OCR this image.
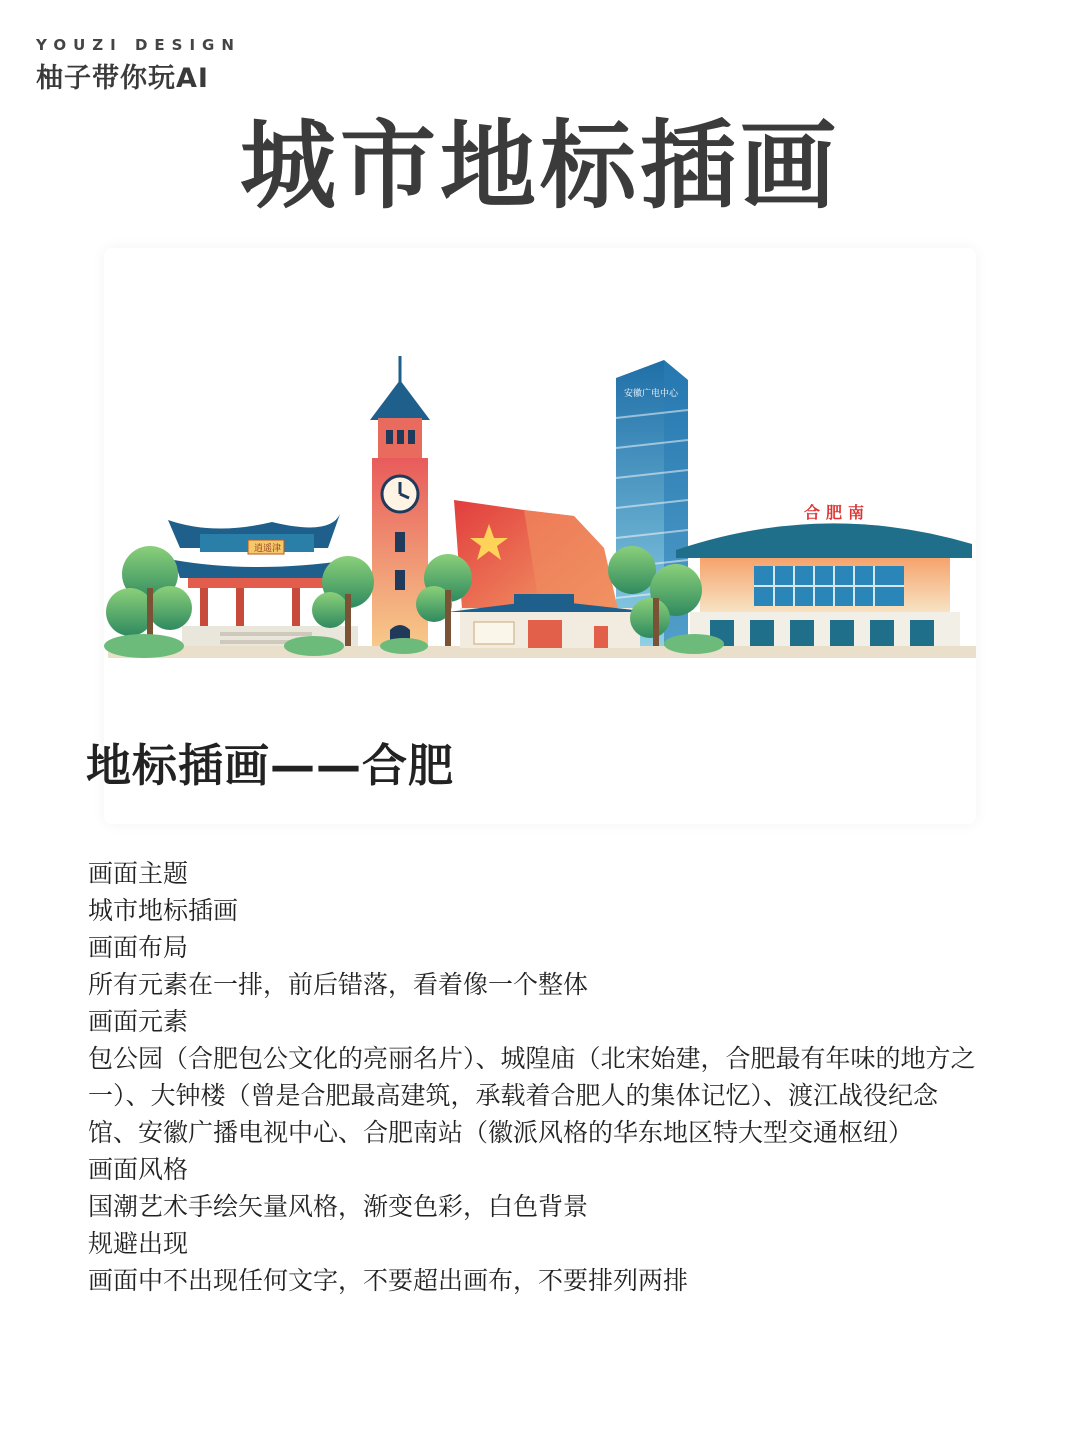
YOUZI DESIGN
柚子带你玩AI
城市地标插画
安徽广电中心
合肥南
逍遥津
地标插画——合肥

画面主题

城市地标插画

画面布局

所有元素在一排，前后错落，看着像一个整体

画面元素

包公园（合肥包公文化的亮丽名片）、城隍庙（北宋始建，合肥最有年味的地方之一）、大钟楼（曾是合肥最高建筑，承载着合肥人的集体记忆）、渡江战役纪念馆、安徽广播电视中心、合肥南站（徽派风格的华东地区特大型交通枢纽）

画面风格

国潮艺术手绘矢量风格，渐变色彩，白色背景

规避出现

画面中不出现任何文字，不要超出画布，不要排列两排
